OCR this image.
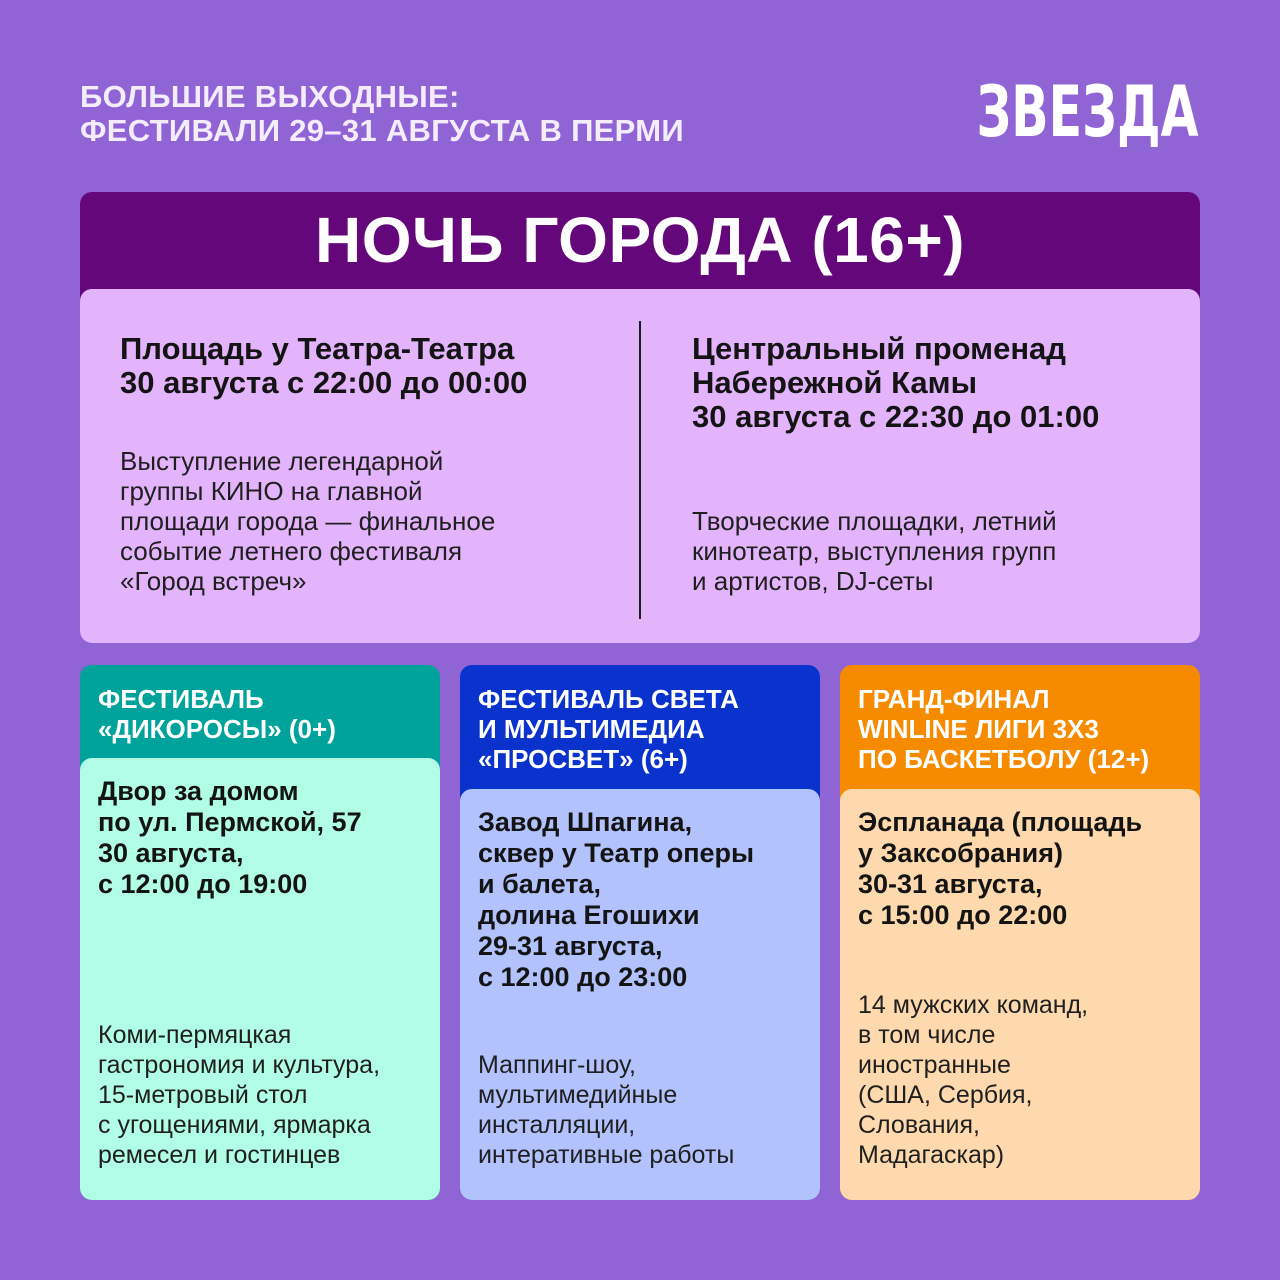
БОЛЬШИЕ ВЫХОДНЫЕ:
ФЕСТИВАЛИ 29–31 АВГУСТА В ПЕРМИ	ЗВЕЗДА
НОЧЬ ГОРОДА (16+)
Площадь у Театра-Театра
30 августа с 22:00 до 00:00
Выступление легендарной
группы КИНО на главной
площади города — финальное
событие летнего фестиваля
«Город встреч»
Центральный променад
Набережной Камы
30 августа с 22:30 до 01:00
Творческие площадки, летний
кинотеатр, выступления групп
и артистов, DJ-сеты
ФЕСТИВАЛЬ
«ДИКОРОСЫ» (0+)
Двор за домом
по ул. Пермской, 57
30 августа,
с 12:00 до 19:00
Коми-пермяцкая
гастрономия и культура,
15-метровый стол
с угощениями, ярмарка
ремесел и гостинцев
ФЕСТИВАЛЬ СВЕТА
И МУЛЬТИМЕДИА
«ПРОСВЕТ» (6+)
Завод Шпагина,
сквер у Театр оперы
и балета,
долина Егошихи
29-31 августа,
с 12:00 до 23:00
Маппинг-шоу,
мультимедийные
инсталляции,
интеративные работы
ГРАНД-ФИНАЛ
WINLINE ЛИГИ 3X3
ПО БАСКЕТБОЛУ (12+)
Эспланада (площадь
у Заксобрания)
30-31 августа,
с 15:00 до 22:00
14 мужских команд,
в том числе
иностранные
(США, Сербия,
Слования,
Мадагаскар)
